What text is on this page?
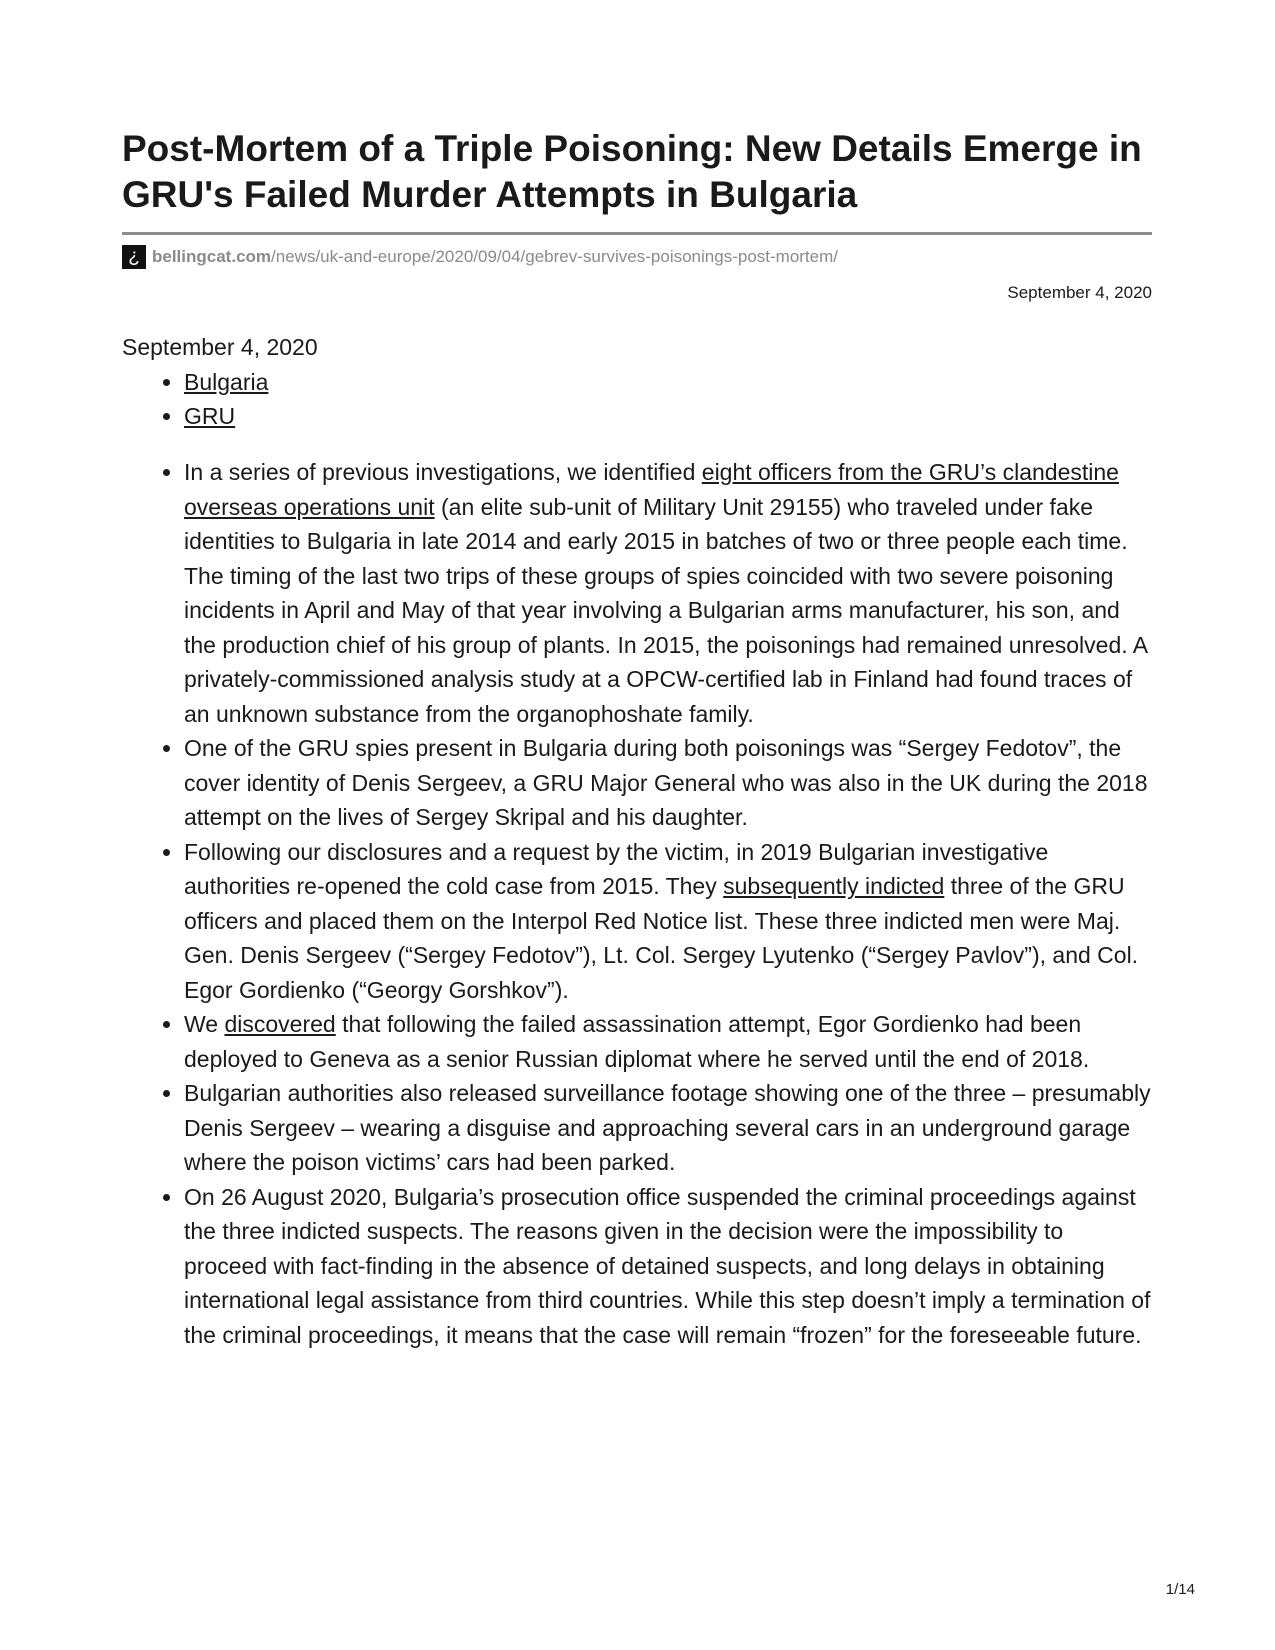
Post-Mortem of a Triple Poisoning: New Details Emerge in GRU's Failed Murder Attempts in Bulgaria
¿ bellingcat.com /news/uk-and-europe/2020/09/04/gebrev-survives-poisonings-post-mortem/
September 4, 2020
September 4, 2020
• Bulgaria
• GRU
• In a series of previous investigations, we identified eight officers from the GRU’s clandestine overseas operations unit (an elite sub-unit of Military Unit 29155) who traveled under fake identities to Bulgaria in late 2014 and early 2015 in batches of two or three people each time. The timing of the last two trips of these groups of spies coincided with two severe poisoning incidents in April and May of that year involving a Bulgarian arms manufacturer, his son, and the production chief of his group of plants. In 2015, the poisonings had remained unresolved. A privately-commissioned analysis study at a OPCW-certified lab in Finland had found traces of an unknown substance from the organophoshate family.
• One of the GRU spies present in Bulgaria during both poisonings was “Sergey Fedotov”, the cover identity of Denis Sergeev, a GRU Major General who was also in the UK during the 2018 attempt on the lives of Sergey Skripal and his daughter.
• Following our disclosures and a request by the victim, in 2019 Bulgarian investigative authorities re-opened the cold case from 2015. They subsequently indicted three of the GRU officers and placed them on the Interpol Red Notice list. These three indicted men were Maj. Gen. Denis Sergeev (“Sergey Fedotov”), Lt. Col. Sergey Lyutenko (“Sergey Pavlov”), and Col. Egor Gordienko (“Georgy Gorshkov”).
• We discovered that following the failed assassination attempt, Egor Gordienko had been deployed to Geneva as a senior Russian diplomat where he served until the end of 2018.
• Bulgarian authorities also released surveillance footage showing one of the three – presumably Denis Sergeev – wearing a disguise and approaching several cars in an underground garage where the poison victims’ cars had been parked.
• On 26 August 2020, Bulgaria’s prosecution office suspended the criminal proceedings against the three indicted suspects. The reasons given in the decision were the impossibility to proceed with fact-finding in the absence of detained suspects, and long delays in obtaining international legal assistance from third countries. While this step doesn’t imply a termination of the criminal proceedings, it means that the case will remain “frozen” for the foreseeable future.
1/14
